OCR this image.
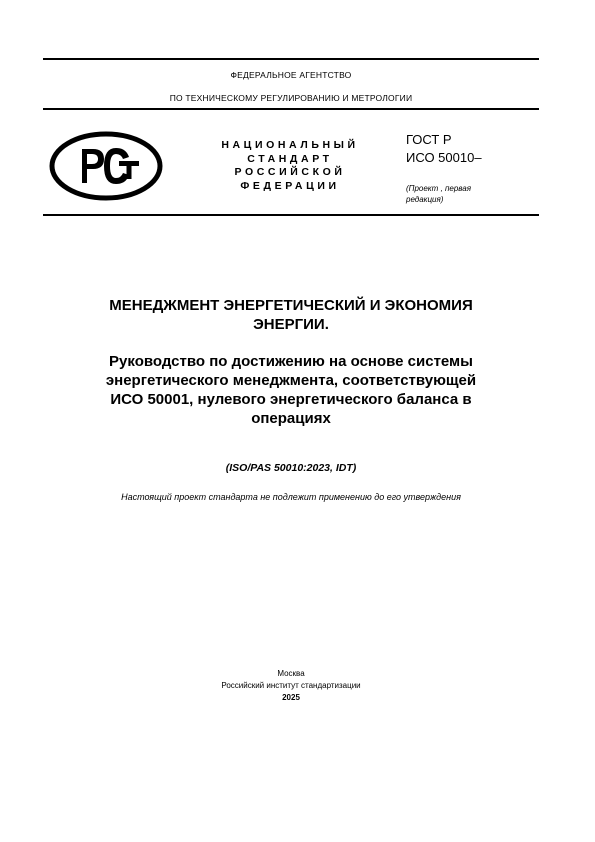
ФЕДЕРАЛЬНОЕ АГЕНТСТВО
ПО ТЕХНИЧЕСКОМУ РЕГУЛИРОВАНИЮ И МЕТРОЛОГИИ
НАЦИОНАЛЬНЫЙ
СТАНДАРТ
РОССИЙСКОЙ
ФЕДЕРАЦИИ
ГОСТ Р
ИСО 50010–
(Проект , первая
редакция)
МЕНЕДЖМЕНТ ЭНЕРГЕТИЧЕСКИЙ И ЭКОНОМИЯ
ЭНЕРГИИ.
Руководство по достижению на основе системы
энергетического менеджмента, соответствующей
ИСО 50001, нулевого энергетического баланса в
операциях
(ISO/PAS 50010:2023, IDT)
Настоящий проект стандарта не подлежит применению до его утверждения
Москва
Российский институт стандартизации
2025
